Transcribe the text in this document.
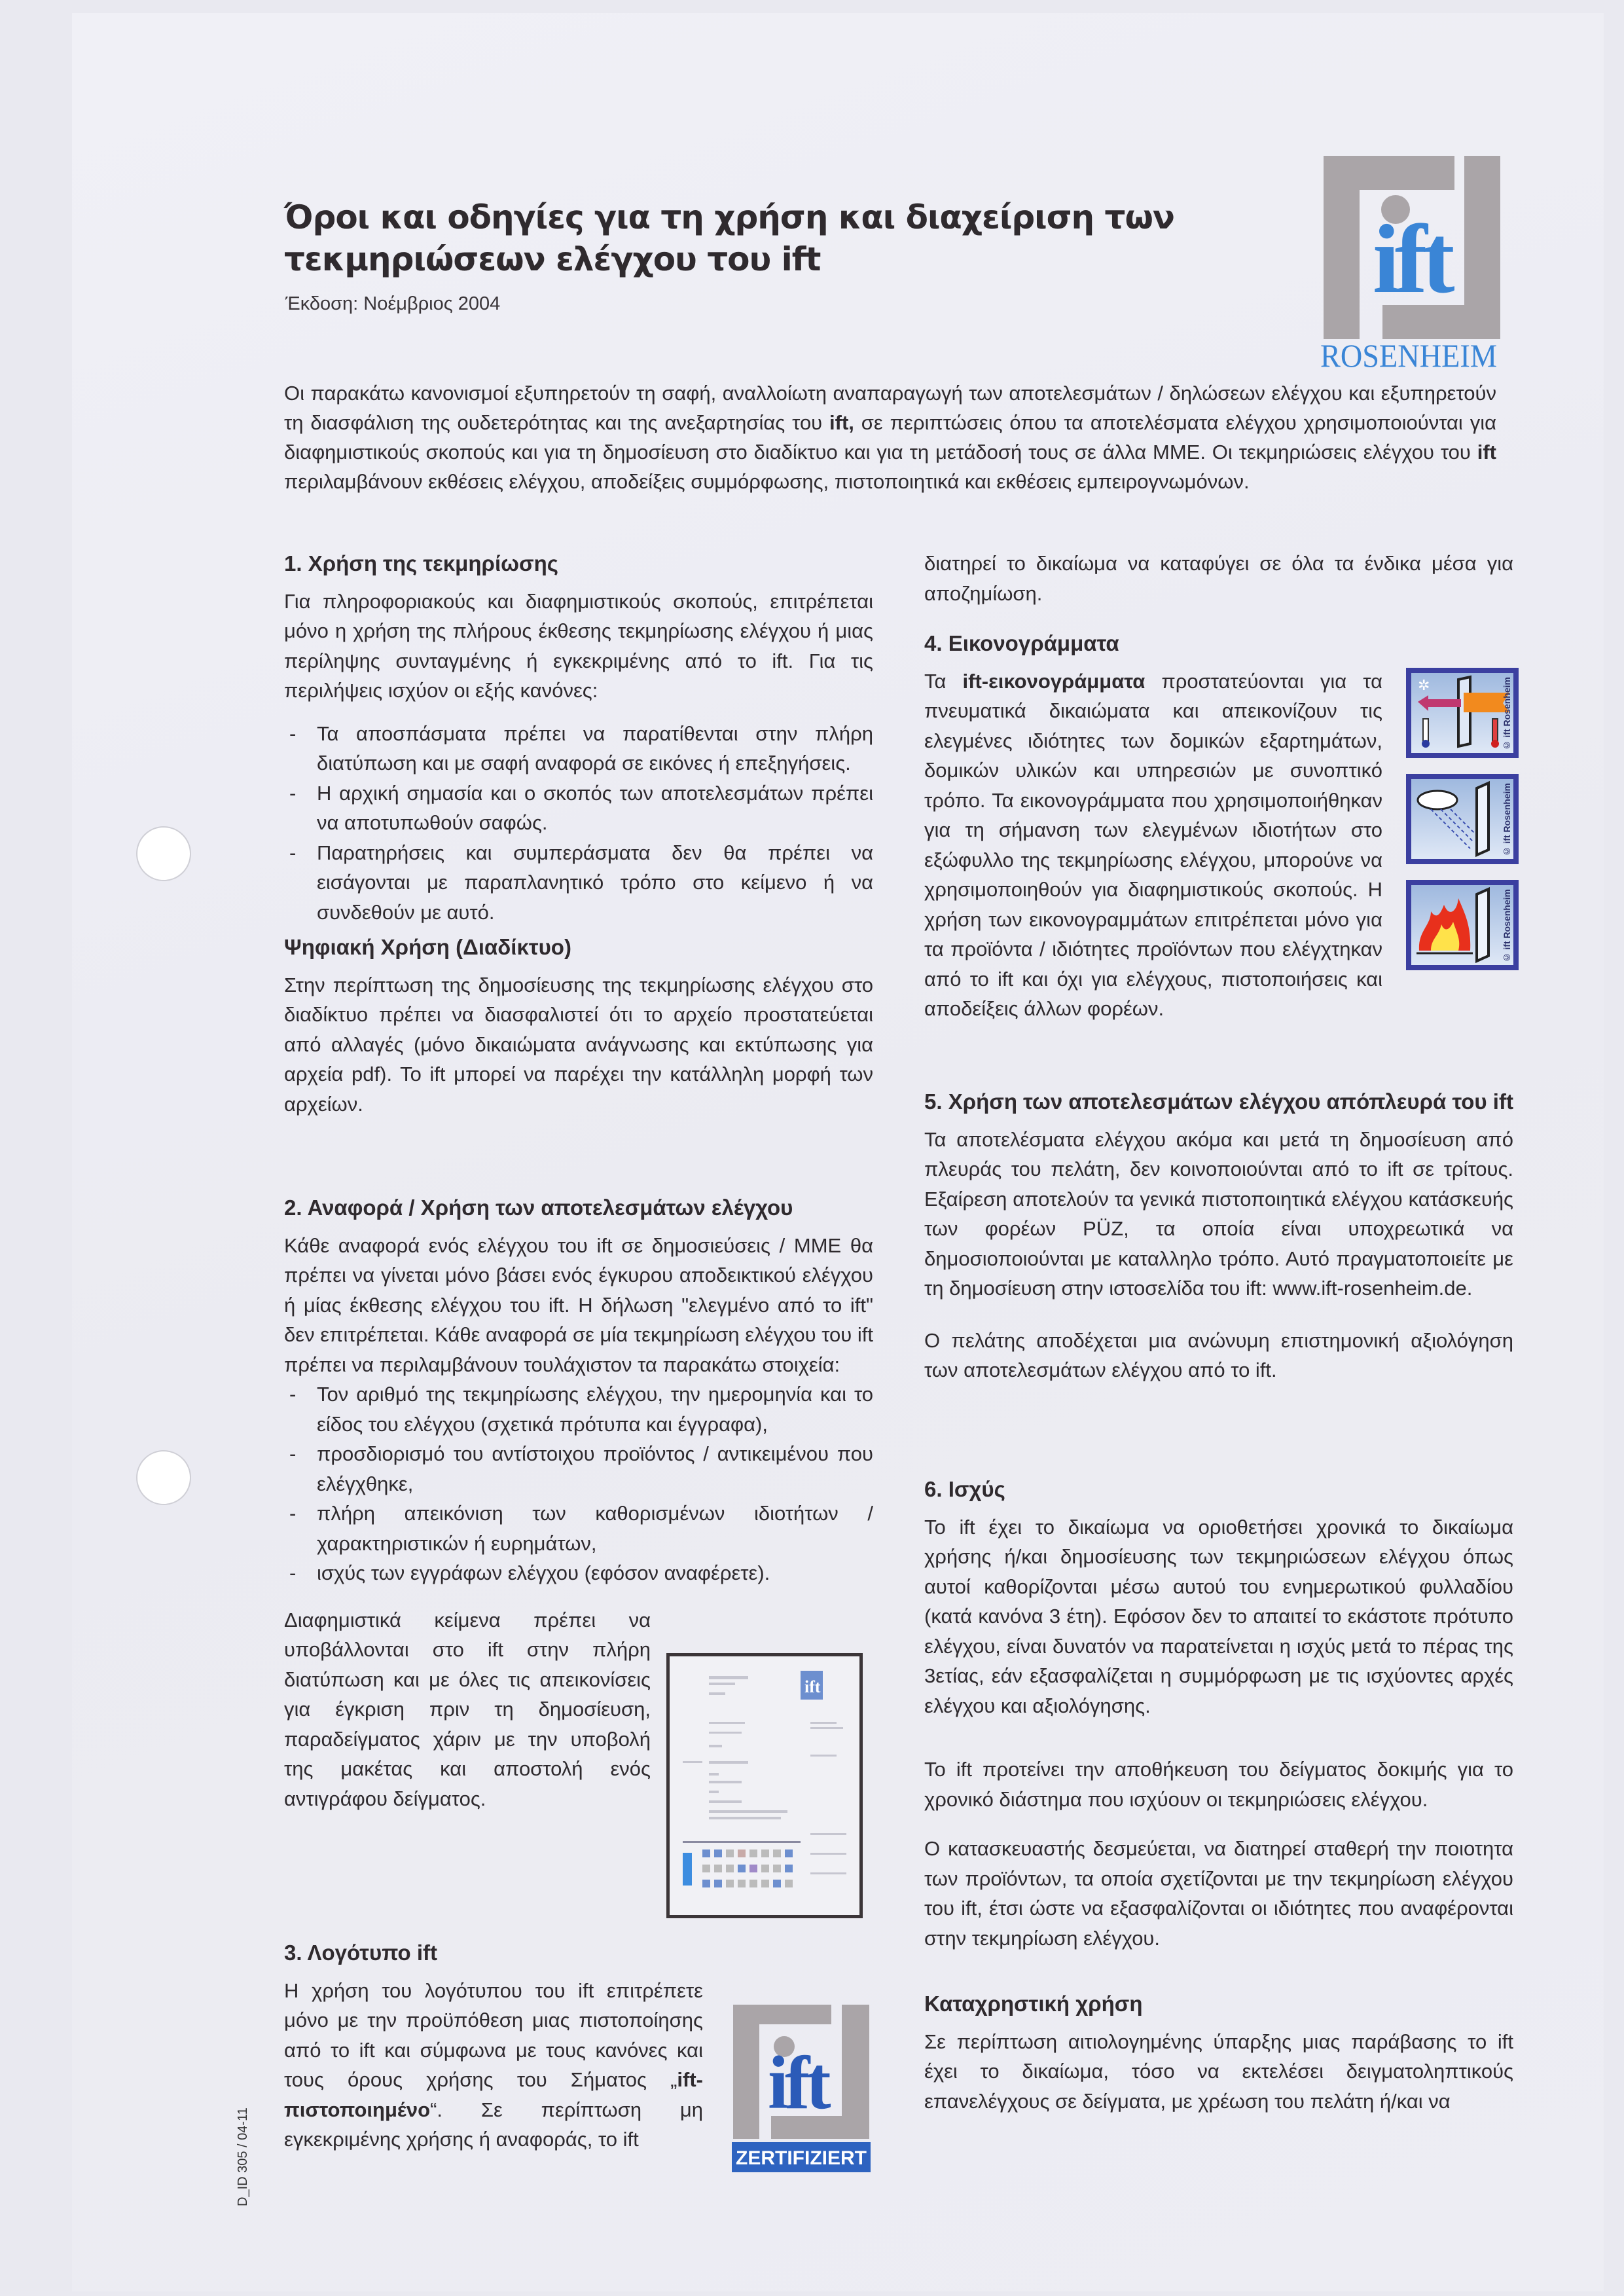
Όροι και οδηγίες για τη χρήση και διαχείριση των τεκμηριώσεων ελέγχου του ift
Έκδοση: Νοέμβριος 2004	ift
ROSENHEIM
Οι παρακάτω κανονισμοί εξυπηρετούν τη σαφή, αναλλοίωτη αναπαραγωγή των αποτελεσμάτων / δηλώσεων ελέγχου και εξυπηρετούν τη διασφάλιση της ουδετερότητας και της ανεξαρτησίας του ift, σε περιπτώσεις όπου τα αποτελέσματα ελέγχου χρησιμοποιούνται για διαφημιστικούς σκοπούς και για τη δημοσίευση στο διαδίκτυο και για τη μετάδοσή τους σε άλλα ΜΜΕ. Οι τεκμηριώσεις ελέγχου του ift περιλαμβάνουν εκθέσεις ελέγχου, αποδείξεις συμμόρφωσης, πιστοποιητικά και εκθέσεις εμπειρογνωμόνων.
1. Χρήση της τεκμηρίωσης

Για πληροφοριακούς και διαφημιστικούς σκοπούς, επιτρέπεται μόνο η χρήση της πλήρους έκθεσης τεκμηρίωσης ελέγχου ή μιας περίληψης συνταγμένης ή εγκεκριμένης από το ift. Για τις περιλήψεις ισχύον οι εξής κανόνες:

- Τα αποσπάσματα πρέπει να παρατίθενται στην πλήρη διατύπωση και με σαφή αναφορά σε εικόνες ή επεξηγήσεις.
- Η αρχική σημασία και ο σκοπός των αποτελεσμάτων πρέπει να αποτυπωθούν σαφώς.
- Παρατηρήσεις και συμπεράσματα δεν θα πρέπει να εισάγονται με παραπλανητικό τρόπο στο κείμενο ή να συνδεθούν με αυτό.
Ψηφιακή Χρήση (Διαδίκτυο)

Στην περίπτωση της δημοσίευσης της τεκμηρίωσης ελέγχου στο διαδίκτυο πρέπει να διασφαλιστεί ότι το αρχείο προστατεύεται από αλλαγές (μόνο δικαιώματα ανάγνωσης και εκτύπωσης για αρχεία pdf). Το ift μπορεί να παρέχει την κατάλληλη μορφή των αρχείων.

2. Αναφορά / Χρήση των αποτελεσμάτων ελέγχου

Κάθε αναφορά ενός ελέγχου του ift σε δημοσιεύσεις / ΜΜΕ θα πρέπει να γίνεται μόνο βάσει ενός έγκυρου αποδεικτικού ελέγχου ή μίας έκθεσης ελέγχου του ift. Η δήλωση "ελεγμένο από το ift" δεν επιτρέπεται. Κάθε αναφορά σε μία τεκμηρίωση ελέγχου του ift πρέπει να περιλαμβάνουν τουλάχιστον τα παρακάτω στοιχεία:

- Τον αριθμό της τεκμηρίωσης ελέγχου, την ημερομηνία και το είδος του ελέγχου (σχετικά πρότυπα και έγγραφα),
- προσδιορισμό του αντίστοιχου προϊόντος / αντικειμένου που ελέγχθηκε,
- πλήρη απεικόνιση των καθορισμένων ιδιοτήτων / χαρακτηριστικών ή ευρημάτων,
- ισχύς των εγγράφων ελέγχου (εφόσον αναφέρετε).

Διαφημιστικά κείμενα πρέπει να υποβάλλονται στο ift στην πλήρη διατύπωση και με όλες τις απεικονίσεις για έγκριση πριν τη δημοσίευση, παραδείγματος χάριν με την υποβολή της μακέτας και αποστολή ενός αντιγράφου δείγματος.

ift
3. Λογότυπο ift

Η χρήση του λογότυπου του ift επιτρέπετε μόνο με την προϋπόθεση μιας πιστοποίησης από το ift και σύμφωνα με τους κανόνες και τους όρους χρήσης του Σήματος „ift-πιστοποιημένο“. Σε περίπτωση μη εγκεκριμένης χρήσης ή αναφοράς, το ift

ift
ZERTIFIZIERT

διατηρεί το δικαίωμα να καταφύγει σε όλα τα ένδικα μέσα για αποζημίωση.

4. Εικονογράμματα

Τα ift-εικονογράμματα προστατεύονται για τα πνευματικά δικαιώματα και απεικονίζουν τις ελεγμένες ιδιότητες των δομικών εξαρτημάτων, δομικών υλικών και υπηρεσιών με συνοπτικό τρόπο. Τα εικονογράμματα που χρησιμοποιήθηκαν για τη σήμανση των ελεγμένων ιδιοτήτων στο εξώφυλλο της τεκμηρίωσης ελέγχου, μπορούνε να χρησιμοποιηθούν για διαφημιστικούς σκοπούς. Η χρήση των εικονογραμμάτων επιτρέπεται μόνο για τα προϊόντα / ιδιότητες προϊόντων που ελέγχτηκαν από το ift και όχι για ελέγχους, πιστοποιήσεις και αποδείξεις άλλων φορέων.

✲	© ift Rosenheim
© ift Rosenheim
© ift Rosenheim
5. Χρήση των αποτελεσμάτων ελέγχου απόπλευρά του ift

Τα αποτελέσματα ελέγχου ακόμα και μετά τη δημοσίευση από πλευράς του πελάτη, δεν κοινοποιούνται από το ift σε τρίτους. Εξαίρεση αποτελούν τα γενικά πιστοποιητικά ελέγχου κατάσκευής των φορέων PÜZ, τα οποία είναι υποχρεωτικά να δημοσιοποιούνται με καταλληλο τρόπο. Αυτό πραγματοποιείτε με τη δημοσίευση στην ιστοσελίδα του ift: www.ift-rosenheim.de.

Ο πελάτης αποδέχεται μια ανώνυμη επιστημονική αξιολόγηση των αποτελεσμάτων ελέγχου από το ift.

6. Ισχύς

Το ift έχει το δικαίωμα να οριοθετήσει χρονικά το δικαίωμα χρήσης ή/και δημοσίευσης των τεκμηριώσεων ελέγχου όπως αυτοί καθορίζονται μέσω αυτού του ενημερωτικού φυλλαδίου (κατά κανόνα 3 έτη). Εφόσον δεν το απαιτεί το εκάστοτε πρότυπο ελέγχου, είναι δυνατόν να παρατείνεται η ισχύς μετά το πέρας της 3ετίας, εάν εξασφαλίζεται η συμμόρφωση με τις ισχύοντες αρχές ελέγχου και αξιολόγησης.

Το ift προτείνει την αποθήκευση του δείγματος δοκιμής για το χρονικό διάστημα που ισχύουν οι τεκμηριώσεις ελέγχου.

Ο κατασκευαστής δεσμεύεται, να διατηρεί σταθερή την ποιοτητα των προϊόντων, τα οποία σχετίζονται με την τεκμηρίωση ελέγχου του ift, έτσι ώστε να εξασφαλίζονται οι ιδιότητες που αναφέρονται στην τεκμηρίωση ελέγχου.

Καταχρηστική χρήση

Σε περίπτωση αιτιολογημένης ύπαρξης μιας παράβασης το ift έχει το δικαίωμα, τόσο να εκτελέσει δειγματοληπτικούς επανελέγχους σε δείγματα, με χρέωση του πελάτη ή/και να

D_ID 305 / 04-11
